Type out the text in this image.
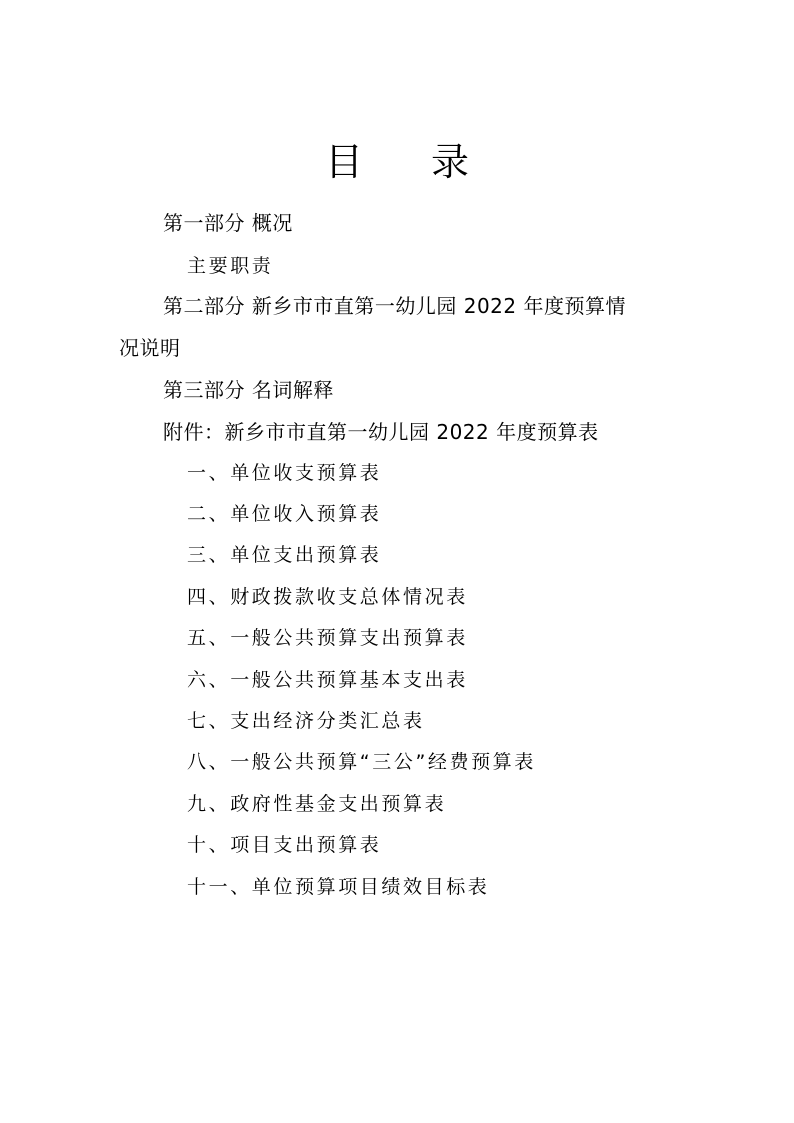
目 录
第一部分 概况
主要职责
第二部分 新乡市市直第一幼儿园 2022 年度预算情
况说明
第三部分 名词解释
附件：新乡市市直第一幼儿园 2022 年度预算表
一、单位收支预算表
二、单位收入预算表
三、单位支出预算表
四、财政拨款收支总体情况表
五、一般公共预算支出预算表
六、一般公共预算基本支出表
七、支出经济分类汇总表
八、一般公共预算“三公”经费预算表
九、政府性基金支出预算表
十、项目支出预算表
十一、单位预算项目绩效目标表
